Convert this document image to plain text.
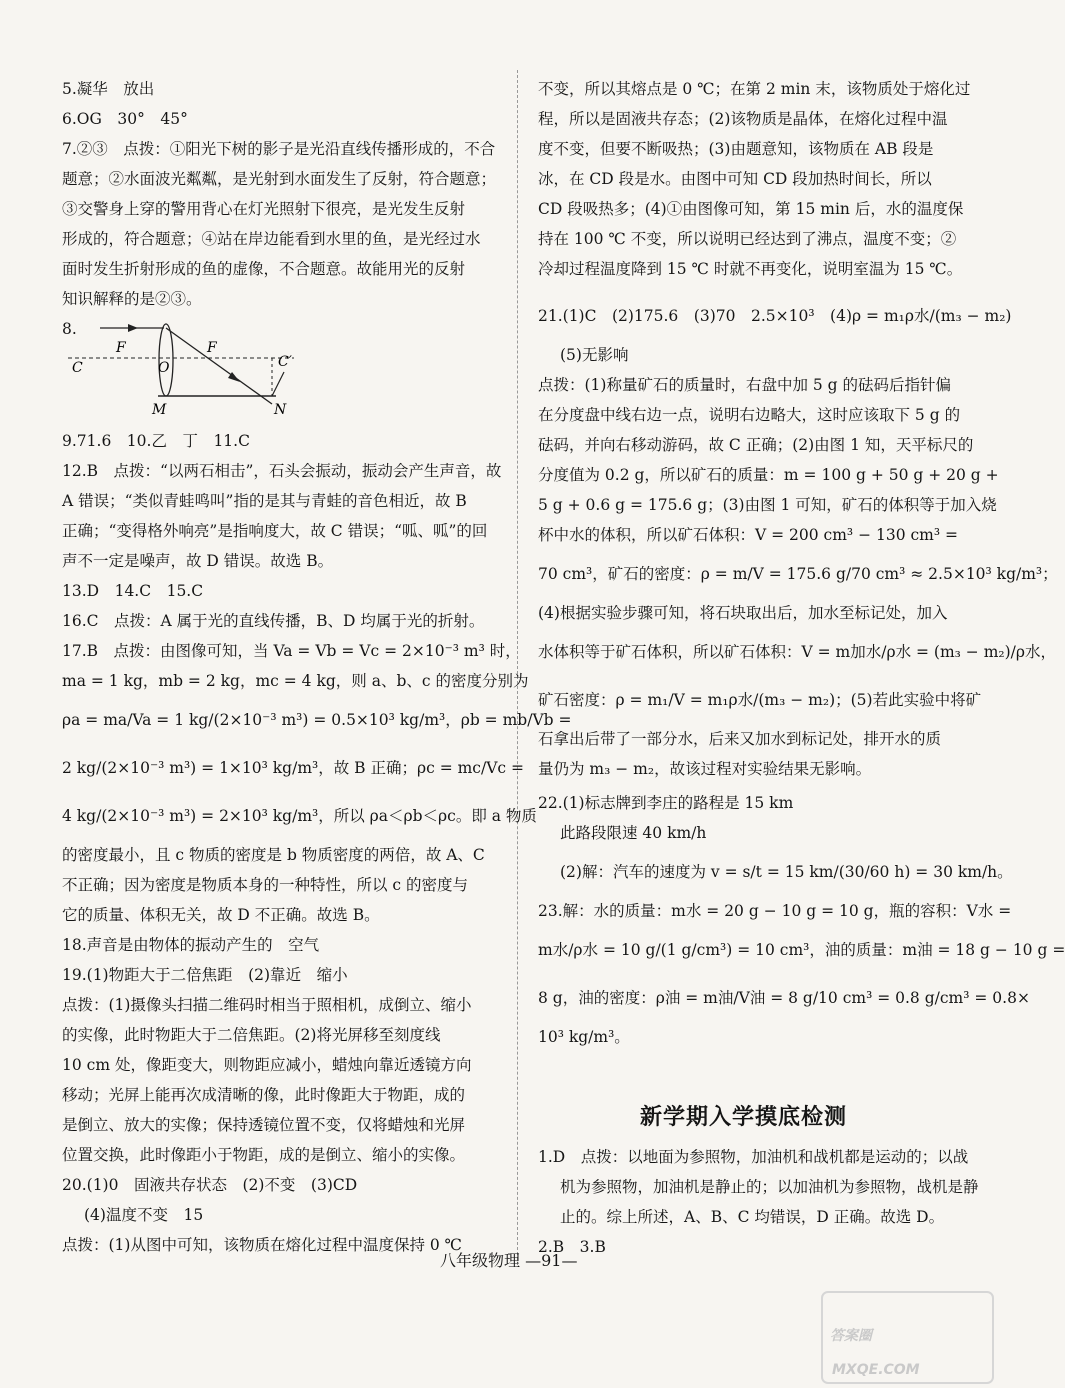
5.凝华　放出
6.OG　30°　45°
7.②③　点拨：①阳光下树的影子是光沿直线传播形成的，不合
题意；②水面波光粼粼，是光射到水面发生了反射，符合题意；
③交警身上穿的警用背心在灯光照射下很亮，是光发生反射
形成的，符合题意；④站在岸边能看到水里的鱼，是光经过水
面时发生折射形成的鱼的虚像，不合题意。故能用光的反射
知识解释的是②③。
8.
9.71.6　10.乙　丁　11.C
12.B　点拨：“以两石相击”，石头会振动，振动会产生声音，故
A 错误；“类似青蛙鸣叫”指的是其与青蛙的音色相近，故 B
正确；“变得格外响亮”是指响度大，故 C 错误；“呱、呱”的回
声不一定是噪声，故 D 错误。故选 B。
13.D　14.C　15.C
16.C　点拨：A 属于光的直线传播，B、D 均属于光的折射。
17.B　点拨：由图像可知，当 Va = Vb = Vc = 2×10⁻³ m³ 时，
ma = 1 kg，mb = 2 kg，mc = 4 kg，则 a、b、c 的密度分别为
ρa = ma/Va = 1 kg/(2×10⁻³ m³) = 0.5×10³ kg/m³，ρb = mb/Vb =
2 kg/(2×10⁻³ m³) = 1×10³ kg/m³，故 B 正确；ρc = mc/Vc =
4 kg/(2×10⁻³ m³) = 2×10³ kg/m³，所以 ρa＜ρb＜ρc。即 a 物质
的密度最小，且 c 物质的密度是 b 物质密度的两倍，故 A、C
不正确；因为密度是物质本身的一种特性，所以 c 的密度与
它的质量、体积无关，故 D 不正确。故选 B。
18.声音是由物体的振动产生的　空气
19.(1)物距大于二倍焦距　(2)靠近　缩小
点拨：(1)摄像头扫描二维码时相当于照相机，成倒立、缩小
的实像，此时物距大于二倍焦距。(2)将光屏移至刻度线
10 cm 处，像距变大，则物距应减小，蜡烛向靠近透镜方向
移动；光屏上能再次成清晰的像，此时像距大于物距，成的
是倒立、放大的实像；保持透镜位置不变，仅将蜡烛和光屏
位置交换，此时像距小于物距，成的是倒立、缩小的实像。
20.(1)0　固液共存状态　(2)不变　(3)CD
(4)温度不变　15
点拨：(1)从图中可知，该物质在熔化过程中温度保持 0 ℃
不变，所以其熔点是 0 ℃；在第 2 min 末，该物质处于熔化过
程，所以是固液共存态；(2)该物质是晶体，在熔化过程中温
度不变，但要不断吸热；(3)由题意知，该物质在 AB 段是
冰，在 CD 段是水。由图中可知 CD 段加热时间长，所以
CD 段吸热多；(4)①由图像可知，第 15 min 后，水的温度保
持在 100 ℃ 不变，所以说明已经达到了沸点，温度不变；②
冷却过程温度降到 15 ℃ 时就不再变化，说明室温为 15 ℃。
21.(1)C　(2)175.6　(3)70　2.5×10³　(4)ρ = m₁ρ水/(m₃ − m₂)
(5)无影响
点拨：(1)称量矿石的质量时，右盘中加 5 g 的砝码后指针偏
在分度盘中线右边一点，说明右边略大，这时应该取下 5 g 的
砝码，并向右移动游码，故 C 正确；(2)由图 1 知，天平标尺的
分度值为 0.2 g，所以矿石的质量：m = 100 g + 50 g + 20 g +
5 g + 0.6 g = 175.6 g；(3)由图 1 可知，矿石的体积等于加入烧
杯中水的体积，所以矿石体积：V = 200 cm³ − 130 cm³ =
70 cm³，矿石的密度：ρ = m/V = 175.6 g/70 cm³ ≈ 2.5×10³ kg/m³；
(4)根据实验步骤可知，将石块取出后，加水至标记处，加入
水体积等于矿石体积，所以矿石体积：V = m加水/ρ水 = (m₃ − m₂)/ρ水，
矿石密度：ρ = m₁/V = m₁ρ水/(m₃ − m₂)；(5)若此实验中将矿
石拿出后带了一部分水，后来又加水到标记处，排开水的质
量仍为 m₃ − m₂，故该过程对实验结果无影响。
22.(1)标志牌到李庄的路程是 15 km
此路段限速 40 km/h
(2)解：汽车的速度为 v = s/t = 15 km/(30/60 h) = 30 km/h。
23.解：水的质量：m水 = 20 g − 10 g = 10 g，瓶的容积：V水 =
m水/ρ水 = 10 g/(1 g/cm³) = 10 cm³，油的质量：m油 = 18 g − 10 g =
8 g，油的密度：ρ油 = m油/V油 = 8 g/10 cm³ = 0.8 g/cm³ = 0.8×
10³ kg/m³。
F	F
C	O	C′
M	N
新学期入学摸底检测
1.D　点拨：以地面为参照物，加油机和战机都是运动的；以战
机为参照物，加油机是静止的；以加油机为参照物，战机是静
止的。综上所述，A、B、C 均错误，D 正确。故选 D。
2.B　3.B
八年级物理 —91—
答案圈
MXQE.COM
